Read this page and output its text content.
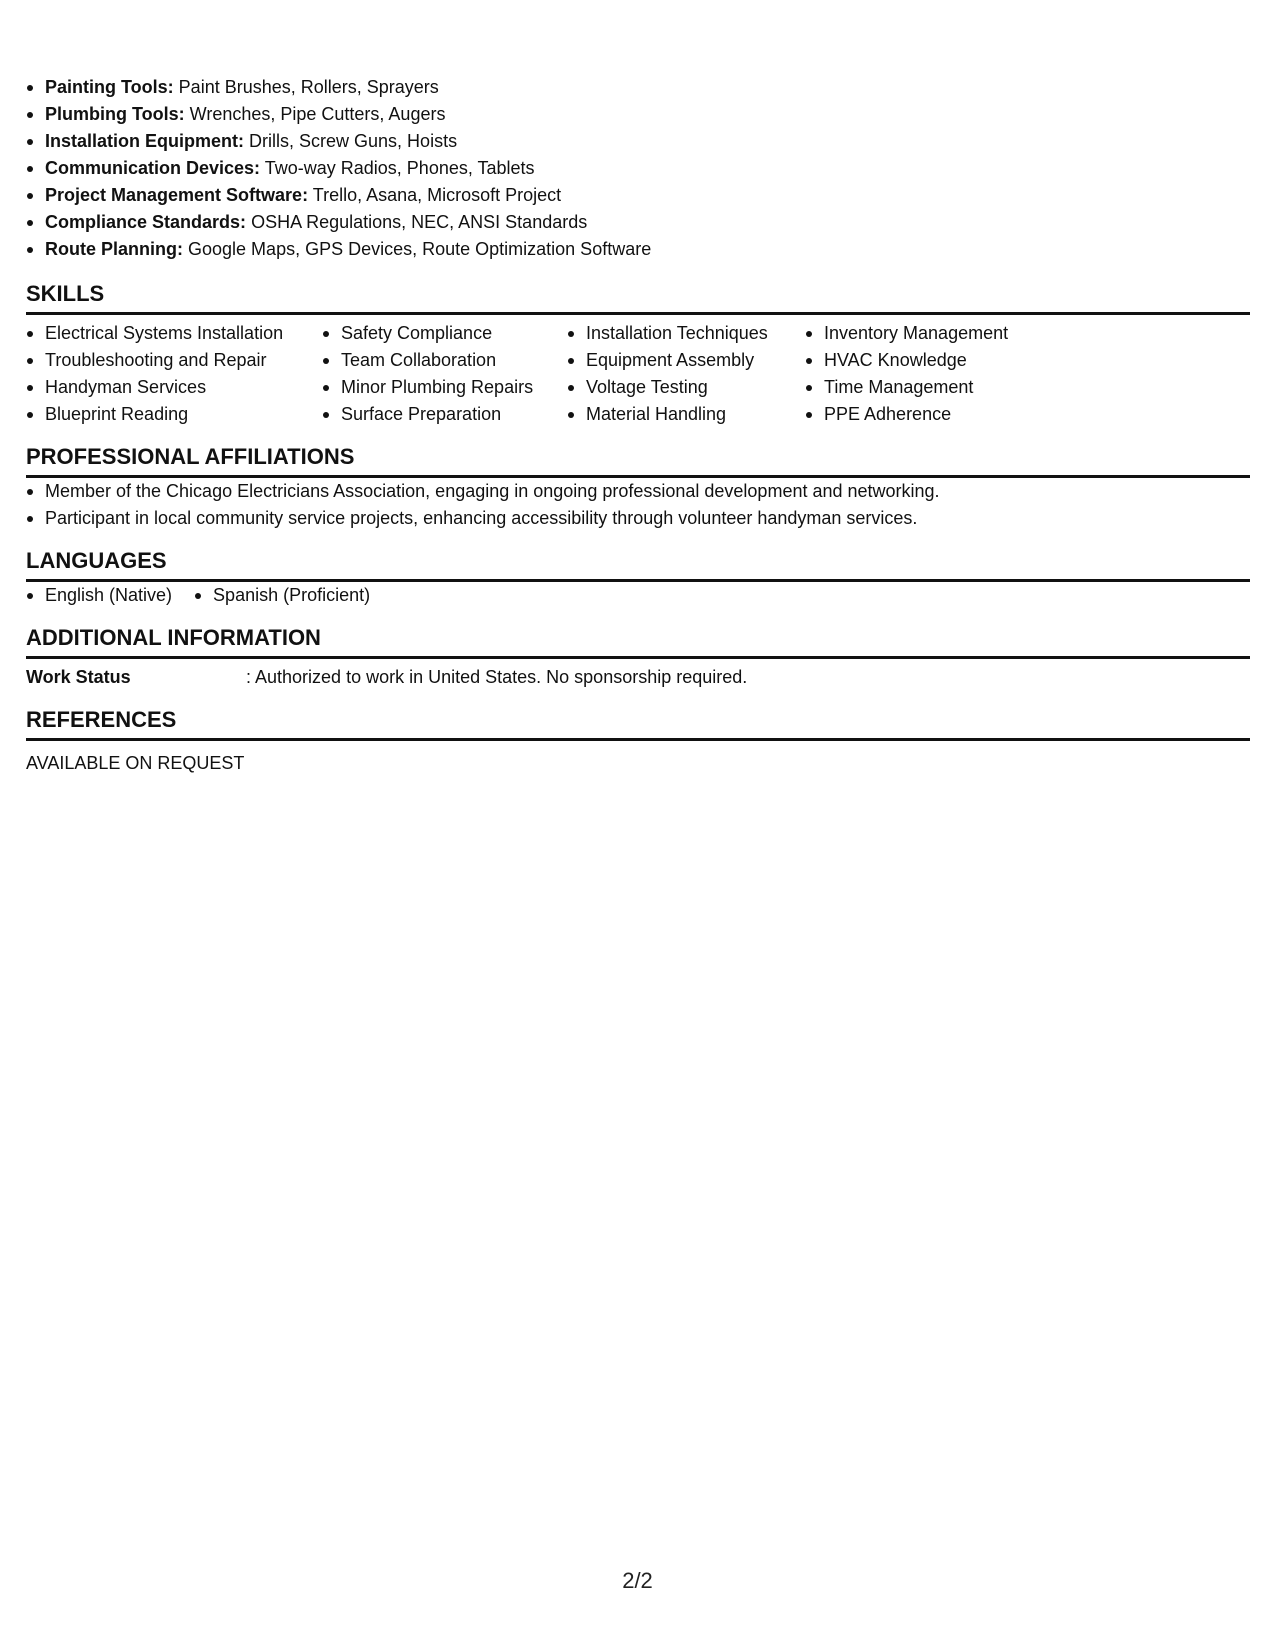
Painting Tools: Paint Brushes, Rollers, Sprayers
Plumbing Tools: Wrenches, Pipe Cutters, Augers
Installation Equipment: Drills, Screw Guns, Hoists
Communication Devices: Two-way Radios, Phones, Tablets
Project Management Software: Trello, Asana, Microsoft Project
Compliance Standards: OSHA Regulations, NEC, ANSI Standards
Route Planning: Google Maps, GPS Devices, Route Optimization Software
SKILLS
Electrical Systems Installation
Troubleshooting and Repair
Handyman Services
Blueprint Reading
Safety Compliance
Team Collaboration
Minor Plumbing Repairs
Surface Preparation
Installation Techniques
Equipment Assembly
Voltage Testing
Material Handling
Inventory Management
HVAC Knowledge
Time Management
PPE Adherence
PROFESSIONAL AFFILIATIONS
Member of the Chicago Electricians Association, engaging in ongoing professional development and networking.
Participant in local community service projects, enhancing accessibility through volunteer handyman services.
LANGUAGES
English (Native)	Spanish (Proficient)
ADDITIONAL INFORMATION
Work Status	: Authorized to work in United States. No sponsorship required.
REFERENCES
AVAILABLE ON REQUEST
2/2
